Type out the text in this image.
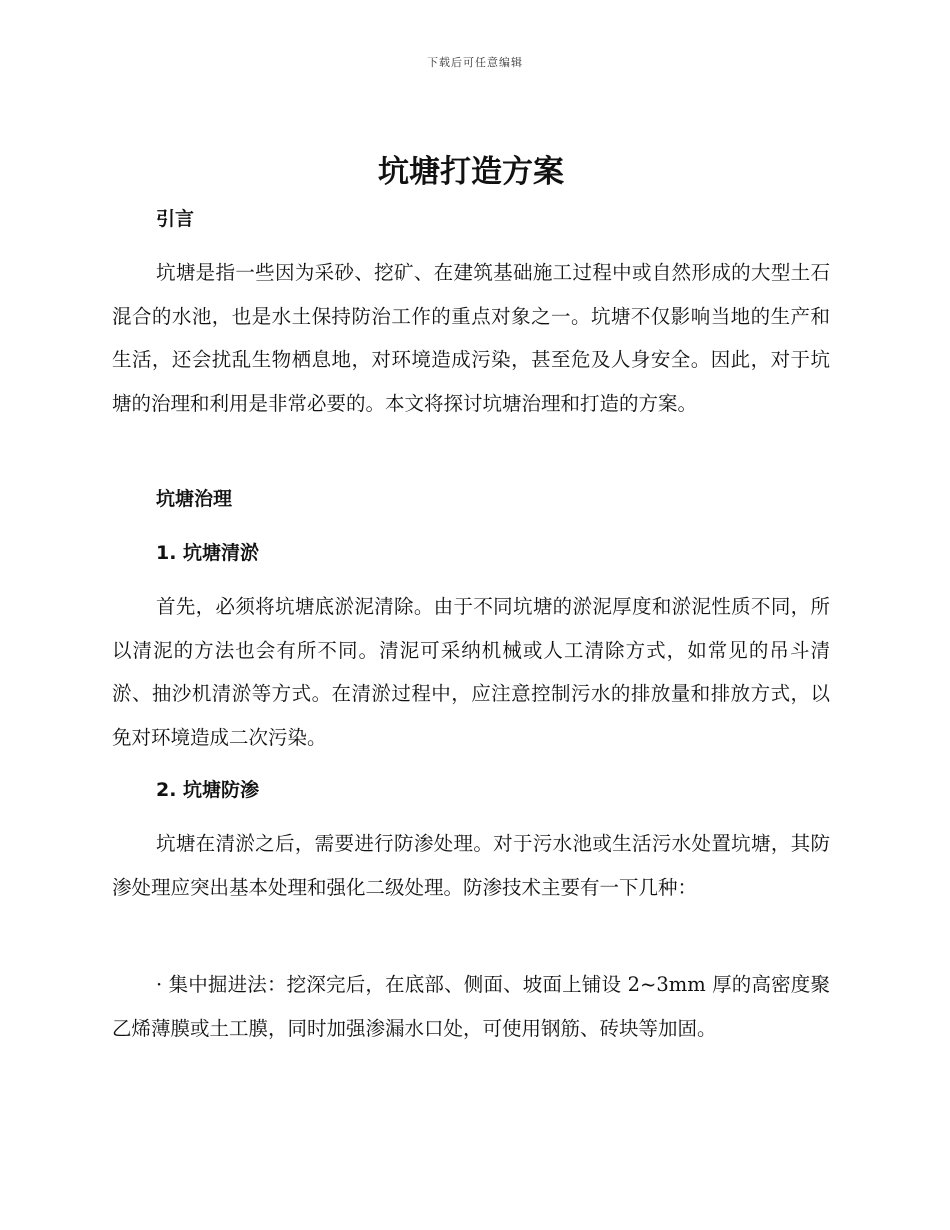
下载后可任意编辑
坑塘打造方案
引言

坑塘是指一些因为采砂、挖矿、在建筑基础施工过程中或自然形成的大型土石混合的水池，也是水土保持防治工作的重点对象之一。坑塘不仅影响当地的生产和生活，还会扰乱生物栖息地，对环境造成污染，甚至危及人身安全。因此，对于坑塘的治理和利用是非常必要的。本文将探讨坑塘治理和打造的方案。

坑塘治理
1. 坑塘清淤

首先，必须将坑塘底淤泥清除。由于不同坑塘的淤泥厚度和淤泥性质不同，所以清泥的方法也会有所不同。清泥可采纳机械或人工清除方式，如常见的吊斗清淤、抽沙机清淤等方式。在清淤过程中，应注意控制污水的排放量和排放方式，以免对环境造成二次污染。

2. 坑塘防渗

坑塘在清淤之后，需要进行防渗处理。对于污水池或生活污水处置坑塘，其防渗处理应突出基本处理和强化二级处理。防渗技术主要有一下几种：

· 集中掘进法：挖深完后，在底部、侧面、坡面上铺设 2~3mm 厚的高密度聚乙烯薄膜或土工膜，同时加强渗漏水口处，可使用钢筋、砖块等加固。
